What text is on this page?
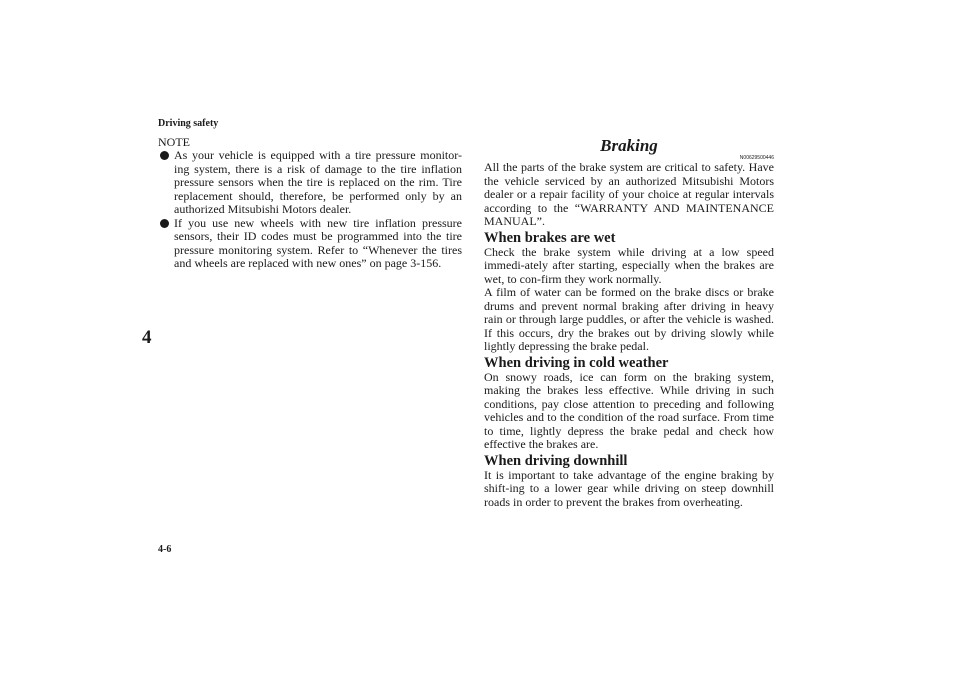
Driving safety
4
4-6
NOTE
As your vehicle is equipped with a tire pressure monitor-ing system, there is a risk of damage to the tire inflation pressure sensors when the tire is replaced on the rim. Tire replacement should, therefore, be performed only by an authorized Mitsubishi Motors dealer.
If you use new wheels with new tire inflation pressure sensors, their ID codes must be programmed into the tire pressure monitoring system. Refer to “Whenever the tires and wheels are replaced with new ones” on page 3-156.
Braking
N00629500446

All the parts of the brake system are critical to safety. Have the vehicle serviced by an authorized Mitsubishi Motors dealer or a repair facility of your choice at regular intervals according to the “WARRANTY AND MAINTENANCE MANUAL”.

When brakes are wet

Check the brake system while driving at a low speed immedi-ately after starting, especially when the brakes are wet, to con-firm they work normally.

A film of water can be formed on the brake discs or brake drums and prevent normal braking after driving in heavy rain or through large puddles, or after the vehicle is washed. If this occurs, dry the brakes out by driving slowly while lightly depressing the brake pedal.

When driving in cold weather

On snowy roads, ice can form on the braking system, making the brakes less effective. While driving in such conditions, pay close attention to preceding and following vehicles and to the condition of the road surface. From time to time, lightly depress the brake pedal and check how effective the brakes are.

When driving downhill

It is important to take advantage of the engine braking by shift-ing to a lower gear while driving on steep downhill roads in order to prevent the brakes from overheating.
